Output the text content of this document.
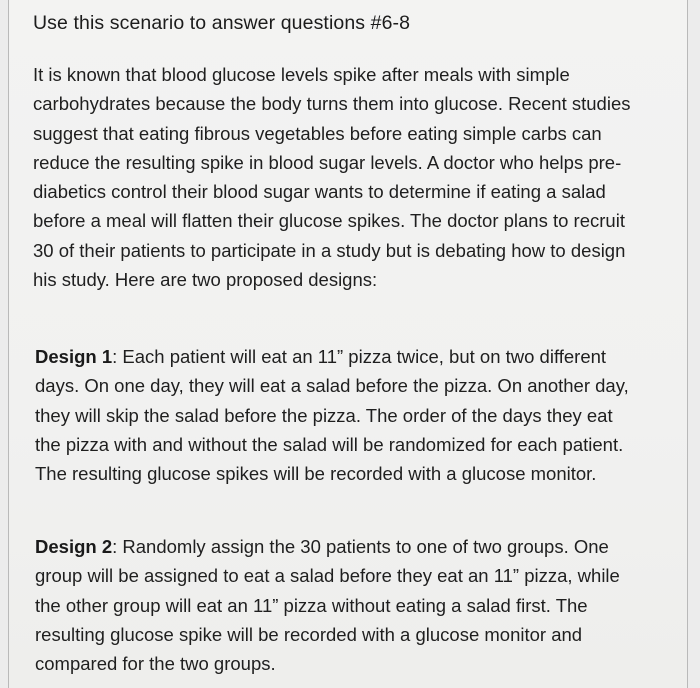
Use this scenario to answer questions #6-8

It is known that blood glucose levels spike after meals with simple
carbohydrates because the body turns them into glucose. Recent studies
suggest that eating fibrous vegetables before eating simple carbs can
reduce the resulting spike in blood sugar levels. A doctor who helps pre-
diabetics control their blood sugar wants to determine if eating a salad
before a meal will flatten their glucose spikes. The doctor plans to recruit
30 of their patients to participate in a study but is debating how to design
his study. Here are two proposed designs:

Design 1: Each patient will eat an 11” pizza twice, but on two different
days. On one day, they will eat a salad before the pizza. On another day,
they will skip the salad before the pizza. The order of the days they eat
the pizza with and without the salad will be randomized for each patient.
The resulting glucose spikes will be recorded with a glucose monitor.

Design 2: Randomly assign the 30 patients to one of two groups. One
group will be assigned to eat a salad before they eat an 11” pizza, while
the other group will eat an 11” pizza without eating a salad first. The
resulting glucose spike will be recorded with a glucose monitor and
compared for the two groups.
